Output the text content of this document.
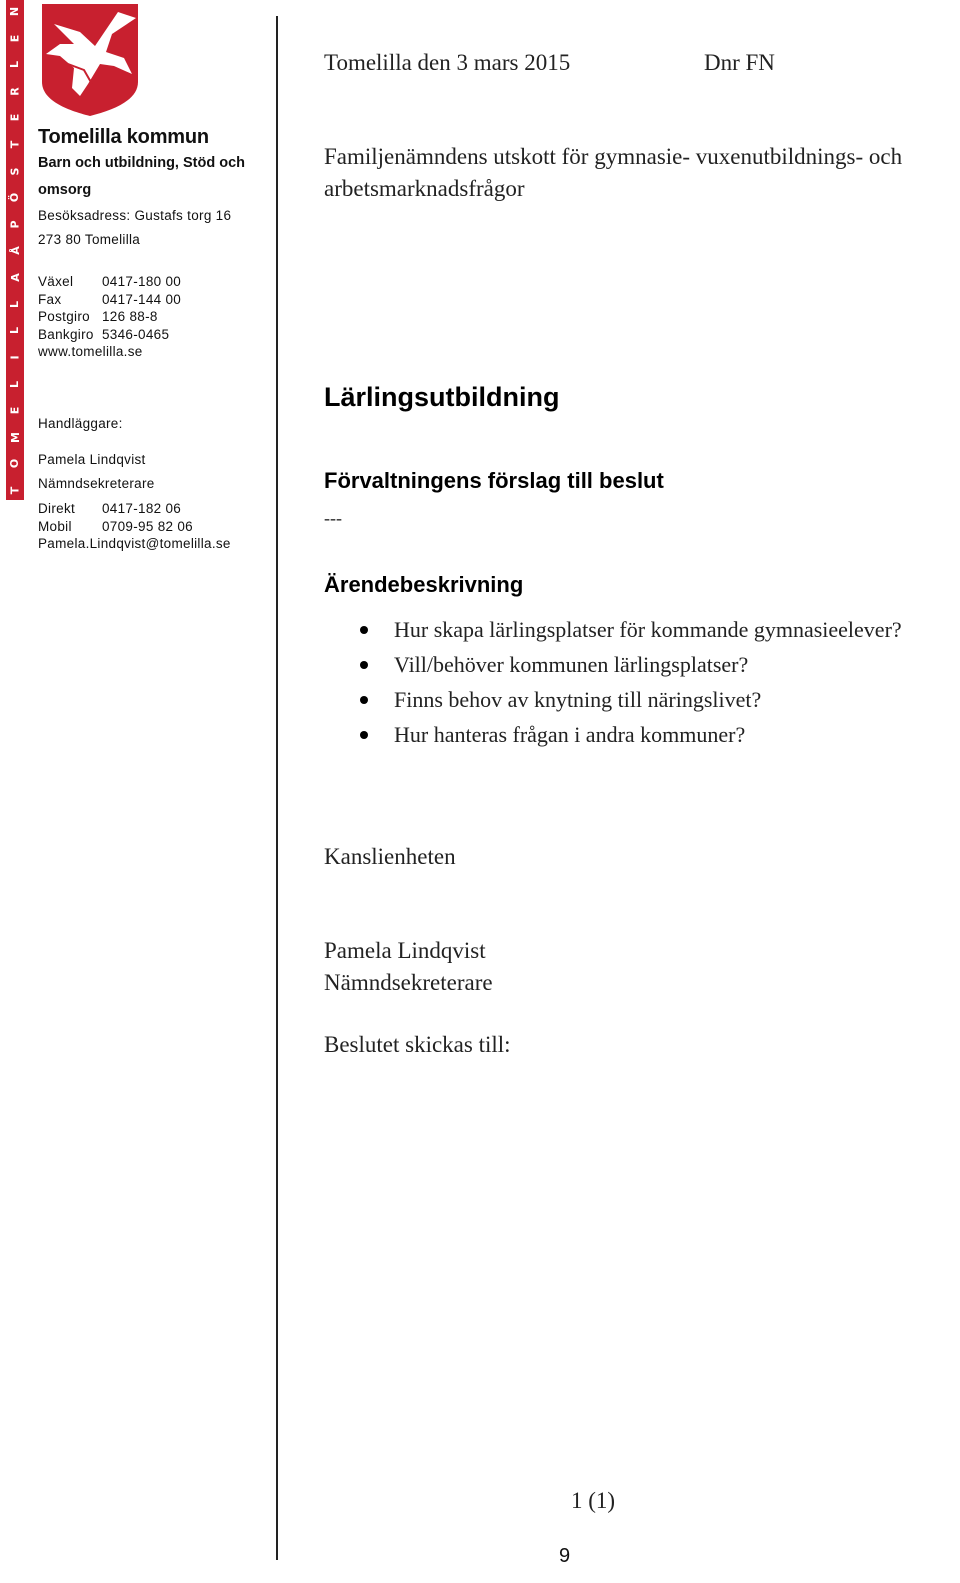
N
E
L
R
E
T
S
Ö
P
Å
A
L
L
I
L
E
M
O
T
Tomelilla kommun
Barn och utbildning, Stöd och
omsorg
Besöksadress: Gustafs torg 16
273 80 Tomelilla
Växel 0417-180 00
Fax	0417-144 00
Postgiro 126 88-8
Bankgiro 5346-0465
www.tomelilla.se
Handläggare:
Pamela Lindqvist
Nämndsekreterare
Direkt 0417-182 06
Mobil 0709-95 82 06
Pamela.Lindqvist@tomelilla.se
Tomelilla den 3 mars 2015	Dnr FN
Familjenämndens utskott för gymnasie- vuxenutbildnings- och
arbetsmarknadsfrågor
Lärlingsutbildning
Förvaltningens förslag till beslut
---
Ärendebeskrivning
Hur skapa lärlingsplatser för kommande gymnasieelever?
Vill/behöver kommunen lärlingsplatser?
Finns behov av knytning till näringslivet?
Hur hanteras frågan i andra kommuner?
Kanslienheten
Pamela Lindqvist
Nämndsekreterare
Beslutet skickas till:
1 (1)
9
